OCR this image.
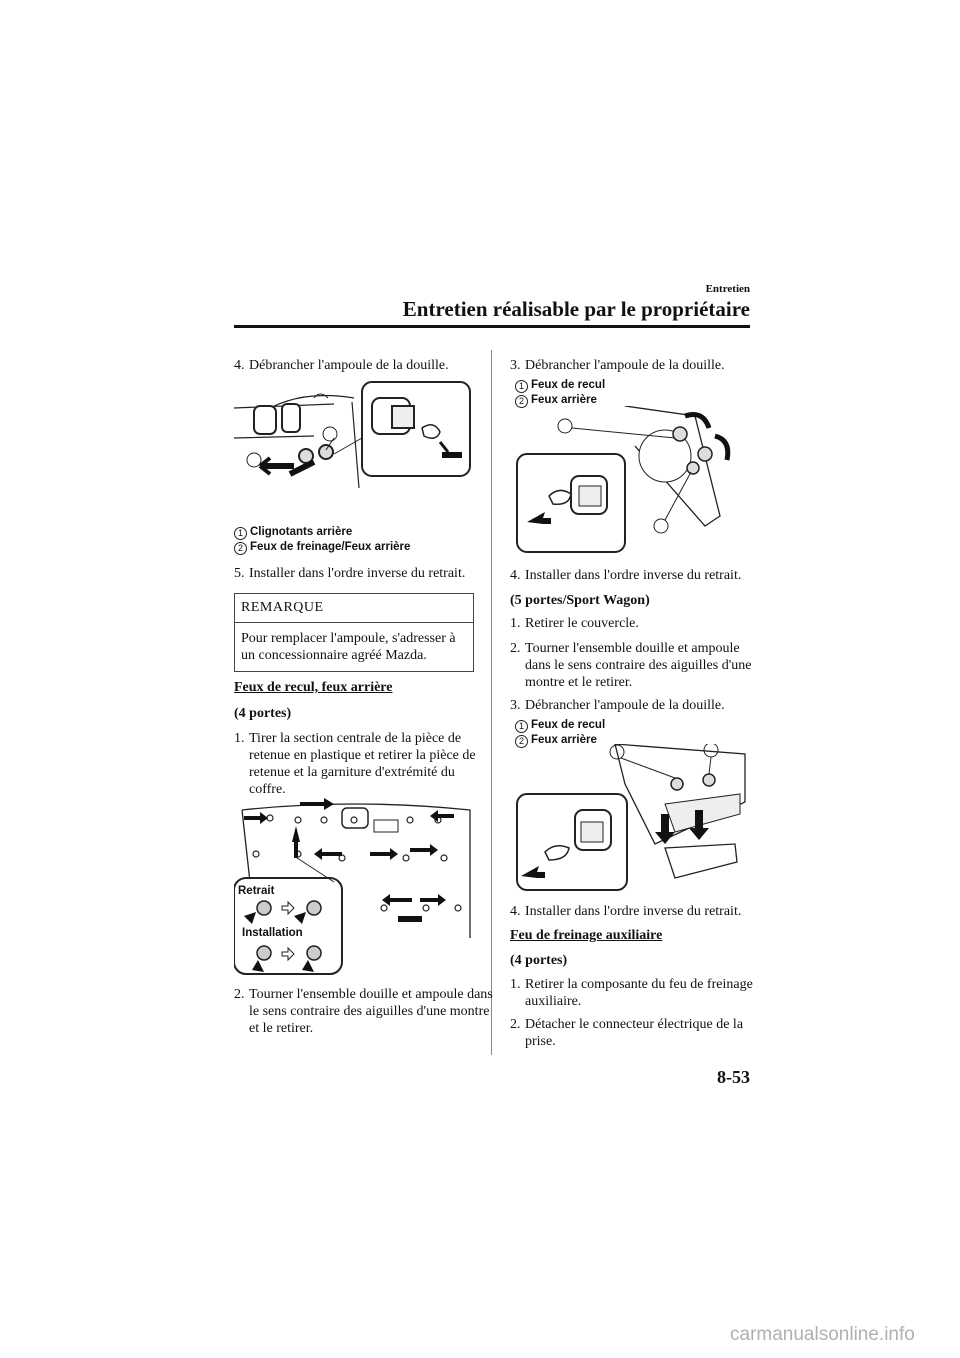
Entretien
Entretien réalisable par le propriétaire
4. Débrancher l'ampoule de la douille.
1 Clignotants arrière
2 Feux de freinage/Feux arrière
5. Installer dans l'ordre inverse du retrait.
REMARQUE
Pour remplacer l'ampoule, s'adresser à un concessionnaire agréé Mazda.
Feux de recul, feux arrière
(4 portes)
1. Tirer la section centrale de la pièce de retenue en plastique et retirer la pièce de retenue et la garniture d'extrémité du coffre.
Retrait
Installation
2. Tourner l'ensemble douille et ampoule dans le sens contraire des aiguilles d'une montre et le retirer.
3. Débrancher l'ampoule de la douille.
1 Feux de recul
2 Feux arrière
4. Installer dans l'ordre inverse du retrait.
(5 portes/Sport Wagon)
1. Retirer le couvercle.
2. Tourner l'ensemble douille et ampoule dans le sens contraire des aiguilles d'une montre et le retirer.
3. Débrancher l'ampoule de la douille.
1 Feux de recul
2 Feux arrière
4. Installer dans l'ordre inverse du retrait.
Feu de freinage auxiliaire
(4 portes)
1. Retirer la composante du feu de freinage auxiliaire.
2. Détacher le connecteur électrique de la prise.
8-53
carmanualsonline.info
